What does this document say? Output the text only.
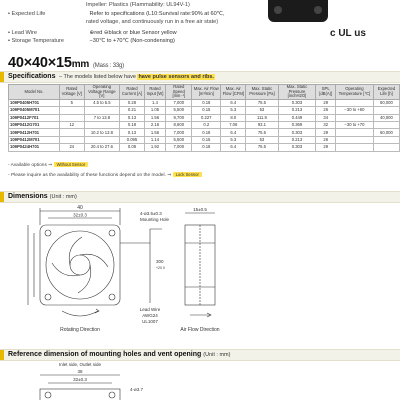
Impeller: Plastics (Flammability: UL94V-1)
• Expected Life	Refer to specifications (L10:Survival rate:90% at 60℃,
rated voltage, and continuously run in a free air state)
• Lead Wire	⊕red ⊖black or blue Sensor yellow
• Storage Temperature	−30℃ to +70℃ (Non-condensing)
c UL us
40×40×15mm (Mass : 33g)
Specifications  – The models listed below have have pulse sensors and ribs.
Model No.	Rated Voltage [V]	Operating Voltage Range [V]	Rated Current [A]	Rated Input [W]	Rated Speed [min⁻¹]	Max. Air Flow [m³/min]	Max. Air Flow [CFM]	Max. Static Pressure [Pa]	Max. Static Pressure [inchH2O]	SPL [dB(A)]	Operating Temperature [℃]	Expected Life [h]
109P0405H701	5	4.5 to 5.5	0.28	1.4	7,000	0.18	6.4	75.5	0.303	29		60,000
109P0405M701			0.21	1.05	5,500	0.15	5.3	53	0.213	26	−30 to +60	
109P0412F701		7 to 13.8	0.13	1.56	9,700	0.227	8.0	111.9	0.449	34		40,000
109P0412G701	12		0.18	2.16	8,600	0.2	7.06	93.1	0.369	32	−30 to +70	
109P0412H701		10.2 to 13.8	0.13	1.56	7,000	0.18	6.4	75.5	0.303	29		60,000
109P0412M701			0.095	1.14	5,500	0.15	5.3	53	0.213	26		
109P0424H701	24	20.4 to 27.6	0.08	1.92	7,000	0.18	6.4	75.5	0.303	29		
- Available options ⇒ Without Sensor
- Please inquire as the availability of these functions depend on the model. ⇒ Lock Sensor
Dimensions (Unit : mm)
40
32±0.3	4-ø3.5±0.3
Mounting Hole
300
+20 0
15±0.5
Rotating Direction	Air Flow Direction
Lead Wire
AWG24
UL1007
Reference dimension of mounting holes and vent opening (Unit : mm)
Inlet side, Outlet side
38
32±0.3
4-ø3.7
